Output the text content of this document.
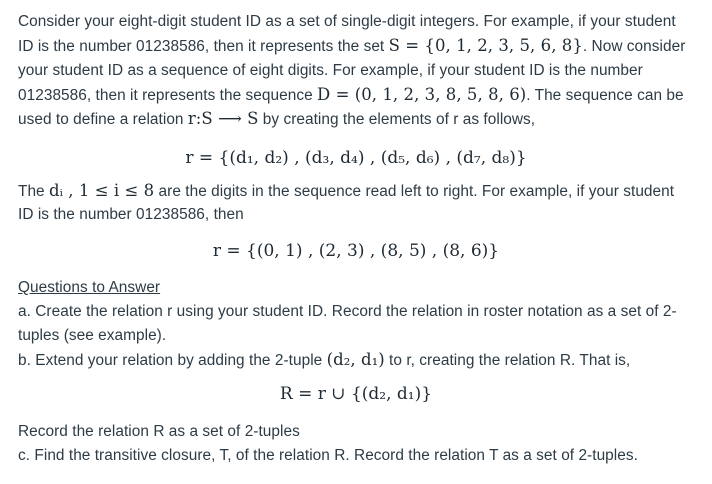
Consider your eight-digit student ID as a set of single-digit integers. For example, if your student
ID is the number 01238586, then it represents the set S = {0, 1, 2, 3, 5, 6, 8}. Now consider
your student ID as a sequence of eight digits. For example, if your student ID is the number
01238586, then it represents the sequence D = (0, 1, 2, 3, 8, 5, 8, 6). The sequence can be
used to define a relation r:S ⟶ S by creating the elements of r as follows,
r = {(d₁, d₂) , (d₃, d₄) , (d₅, d₆) , (d₇, d₈)}
The dᵢ , 1 ≤ i ≤ 8 are the digits in the sequence read left to right. For example, if your student
ID is the number 01238586, then
r = {(0, 1) , (2, 3) , (8, 5) , (8, 6)}
Questions to Answer
a. Create the relation r using your student ID. Record the relation in roster notation as a set of 2-
tuples (see example).
b. Extend your relation by adding the 2-tuple (d₂, d₁) to r, creating the relation R. That is,
R = r ∪ {(d₂, d₁)}
Record the relation R as a set of 2-tuples
c. Find the transitive closure, T, of the relation R. Record the relation T as a set of 2-tuples.
